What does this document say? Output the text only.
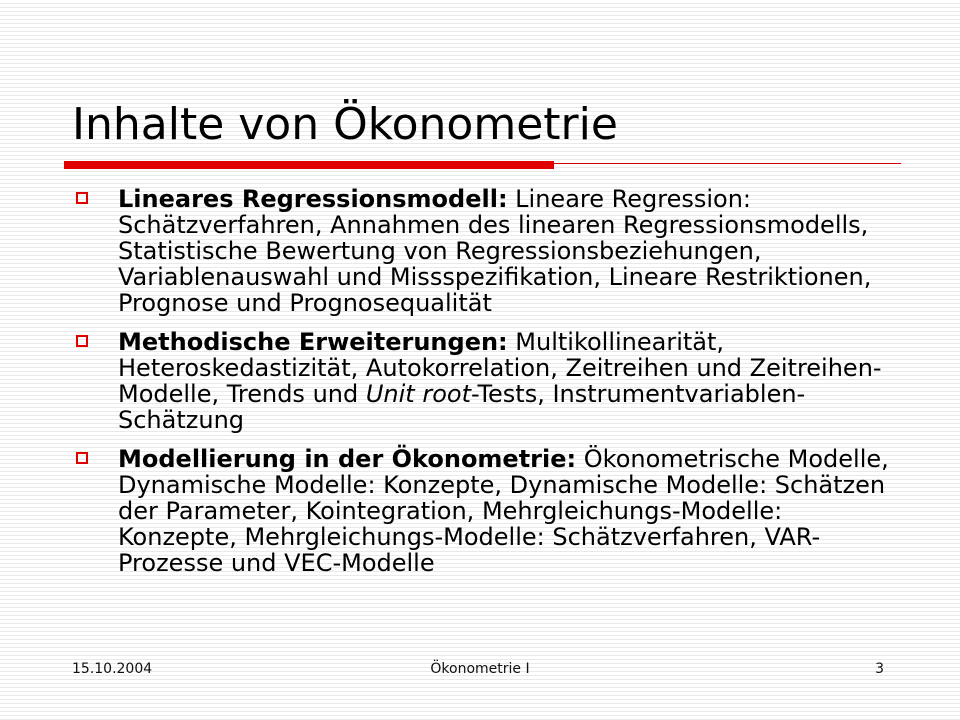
Inhalte von Ökonometrie
Lineares Regressionsmodell: Lineare Regression: Schätzverfahren, Annahmen des linearen Regressionsmodells, Statistische Bewertung von Regressionsbeziehungen, Variablenauswahl und Missspezifikation, Lineare Restriktionen, Prognose und Prognosequalität
Methodische Erweiterungen: Multikollinearität, Heteroskedastizität, Autokorrelation, Zeitreihen und Zeitreihen-Modelle, Trends und Unit root-Tests, Instrumentvariablen-Schätzung
Modellierung in der Ökonometrie: Ökonometrische Modelle, Dynamische Modelle: Konzepte, Dynamische Modelle: Schätzen der Parameter, Kointegration, Mehrgleichungs-Modelle: Konzepte, Mehrgleichungs-Modelle: Schätzverfahren, VAR-Prozesse und VEC-Modelle
15.10.2004	Ökonometrie I	3
